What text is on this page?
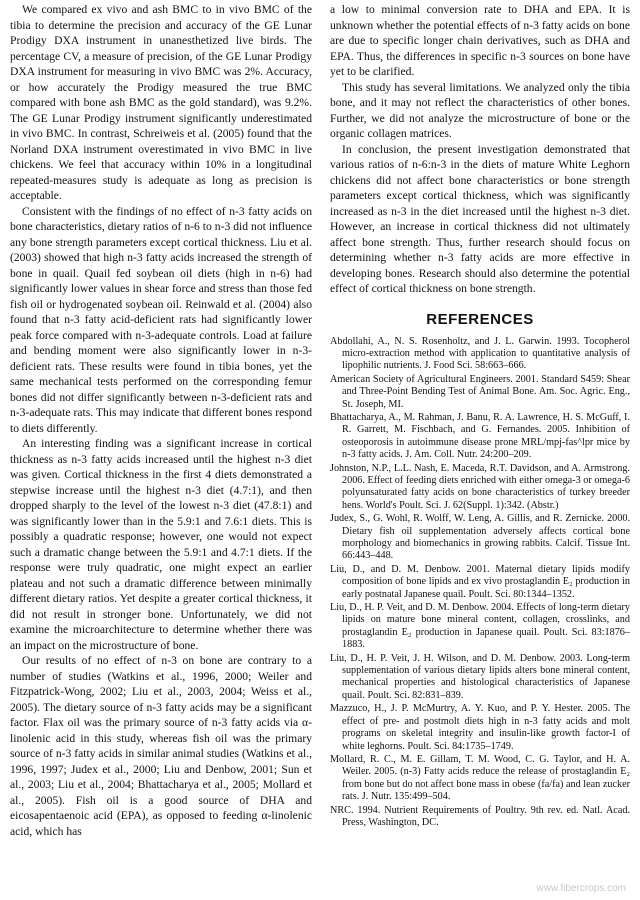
We compared ex vivo and ash BMC to in vivo BMC of the tibia to determine the precision and accuracy of the GE Lunar Prodigy DXA instrument in unanesthetized live birds. The percentage CV, a measure of precision, of the GE Lunar Prodigy DXA instrument for measuring in vivo BMC was 2%. Accuracy, or how accurately the Prodigy measured the true BMC compared with bone ash BMC as the gold standard), was 9.2%. The GE Lunar Prodigy instrument significantly underestimated in vivo BMC. In contrast, Schreiweis et al. (2005) found that the Norland DXA instrument overestimated in vivo BMC in live chickens. We feel that accuracy within 10% in a longitudinal repeated-measures study is adequate as long as precision is acceptable.

Consistent with the findings of no effect of n-3 fatty acids on bone characteristics, dietary ratios of n-6 to n-3 did not influence any bone strength parameters except cortical thickness. Liu et al. (2003) showed that high n-3 fatty acids increased the strength of bone in quail. Quail fed soybean oil diets (high in n-6) had significantly lower values in shear force and stress than those fed fish oil or hydrogenated soybean oil. Reinwald et al. (2004) also found that n-3 fatty acid-deficient rats had significantly lower peak force compared with n-3-adequate controls. Load at failure and bending moment were also significantly lower in n-3-deficient rats. These results were found in tibia bones, yet the same mechanical tests performed on the corresponding femur bones did not differ significantly between n-3-deficient rats and n-3-adequate rats. This may indicate that different bones respond to diets differently.

An interesting finding was a significant increase in cortical thickness as n-3 fatty acids increased until the highest n-3 diet was given. Cortical thickness in the first 4 diets demonstrated a stepwise increase until the highest n-3 diet (4.7:1), and then dropped sharply to the level of the lowest n-3 diet (47.8:1) and was significantly lower than in the 5.9:1 and 7.6:1 diets. This is possibly a quadratic response; however, one would not expect such a dramatic change between the 5.9:1 and 4.7:1 diets. If the response were truly quadratic, one might expect an earlier plateau and not such a dramatic difference between minimally different dietary ratios. Yet despite a greater cortical thickness, it did not result in stronger bone. Unfortunately, we did not examine the microarchitecture to determine whether there was an impact on the microstructure of bone.

Our results of no effect of n-3 on bone are contrary to a number of studies (Watkins et al., 1996, 2000; Weiler and Fitzpatrick-Wong, 2002; Liu et al., 2003, 2004; Weiss et al., 2005). The dietary source of n-3 fatty acids may be a significant factor. Flax oil was the primary source of n-3 fatty acids via α-linolenic acid in this study, whereas fish oil was the primary source of n-3 fatty acids in similar animal studies (Watkins et al., 1996, 1997; Judex et al., 2000; Liu and Denbow, 2001; Sun et al., 2003; Liu et al., 2004; Bhattacharya et al., 2005; Mollard et al., 2005). Fish oil is a good source of DHA and eicosapentaenoic acid (EPA), as opposed to feeding α-linolenic acid, which has

a low to minimal conversion rate to DHA and EPA. It is unknown whether the potential effects of n-3 fatty acids on bone are due to specific longer chain derivatives, such as DHA and EPA. Thus, the differences in specific n-3 sources on bone have yet to be clarified.

This study has several limitations. We analyzed only the tibia bone, and it may not reflect the characteristics of other bones. Further, we did not analyze the microstructure of bone or the organic collagen matrices.

In conclusion, the present investigation demonstrated that various ratios of n-6:n-3 in the diets of mature White Leghorn chickens did not affect bone characteristics or bone strength parameters except cortical thickness, which was significantly increased as n-3 in the diet increased until the highest n-3 diet. However, an increase in cortical thickness did not ultimately affect bone strength. Thus, further research should focus on determining whether n-3 fatty acids are more effective in developing bones. Research should also determine the potential effect of cortical thickness on bone strength.

REFERENCES

Abdollahi, A., N. S. Rosenholtz, and J. L. Garwin. 1993. Tocopherol micro-extraction method with application to quantitative analysis of lipophilic nutrients. J. Food Sci. 58:663–666.

American Society of Agricultural Engineers. 2001. Standard S459: Shear and Three-Point Bending Test of Animal Bone. Am. Soc. Agric. Eng., St. Joseph, MI.

Bhattacharya, A., M. Rahman, J. Banu, R. A. Lawrence, H. S. McGuff, I. R. Garrett, M. Fischbach, and G. Fernandes. 2005. Inhibition of osteoporosis in autoimmune disease prone MRL/mpj-fas^lpr mice by n-3 fatty acids. J. Am. Coll. Nutr. 24:200–209.

Johnston, N.P., L.L. Nash, E. Maceda, R.T. Davidson, and A. Armstrong. 2006. Effect of feeding diets enriched with either omega-3 or omega-6 polyunsaturated fatty acids on bone characteristics of turkey breeder hens. World's Poult. Sci. J. 62(Suppl. 1):342. (Abstr.)

Judex, S., G. Wohl, R. Wolff, W. Leng, A. Gillis, and R. Zernicke. 2000. Dietary fish oil supplementation adversely affects cortical bone morphology and biomechanics in growing rabbits. Calcif. Tissue Int. 66:443–448.

Liu, D., and D. M. Denbow. 2001. Maternal dietary lipids modify composition of bone lipids and ex vivo prostaglandin E₂ production in early postnatal Japanese quail. Poult. Sci. 80:1344–1352.

Liu, D., H. P. Veit, and D. M. Denbow. 2004. Effects of long-term dietary lipids on mature bone mineral content, collagen, crosslinks, and prostaglandin E₂ production in Japanese quail. Poult. Sci. 83:1876–1883.

Liu, D., H. P. Veit, J. H. Wilson, and D. M. Denbow. 2003. Long-term supplementation of various dietary lipids alters bone mineral content, mechanical properties and histological characteristics of Japanese quail. Poult. Sci. 82:831–839.

Mazzuco, H., J. P. McMurtry, A. Y. Kuo, and P. Y. Hester. 2005. The effect of pre- and postmolt diets high in n-3 fatty acids and molt programs on skeletal integrity and insulin-like growth factor-I of white leghorns. Poult. Sci. 84:1735–1749.

Mollard, R. C., M. E. Gillam, T. M. Wood, C. G. Taylor, and H. A. Weiler. 2005. (n-3) Fatty acids reduce the release of prostaglandin E₂ from bone but do not affect bone mass in obese (fa/fa) and lean zucker rats. J. Nutr. 135:499–504.

NRC. 1994. Nutrient Requirements of Poultry. 9th rev. ed. Natl. Acad. Press, Washington, DC.

www.fibercrops.com
